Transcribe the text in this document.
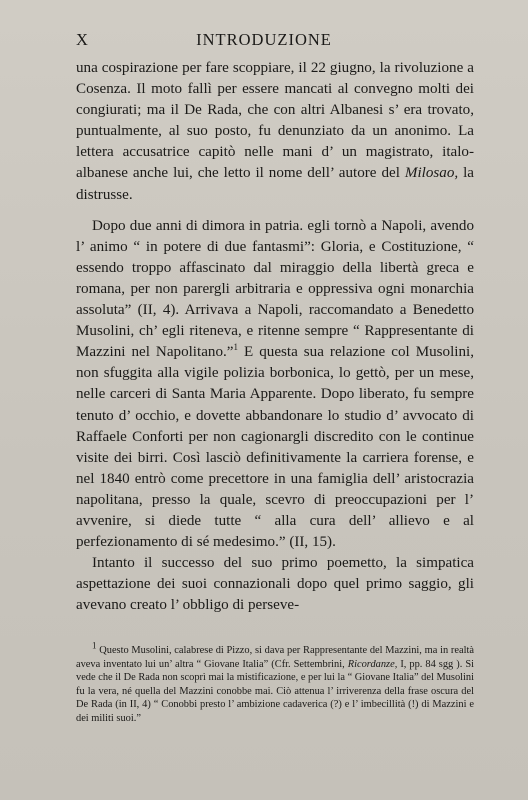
X	INTRODUZIONE

una cospirazione per fare scoppiare, il 22 giugno, la rivoluzione a Cosenza. Il moto fallì per essere mancati al convegno molti dei congiurati; ma il De Rada, che con altri Albanesi s’ era trovato, puntualmente, al suo posto, fu denunziato da un anonimo. La lettera accusatrice capitò nelle mani d’ un magistrato, italo-albanese anche lui, che letto il nome dell’ autore del Milosao, la distrusse.

Dopo due anni di dimora in patria. egli tornò a Napoli, avendo l’ animo “ in potere di due fantasmi”: Gloria, e Costituzione, “ essendo troppo affascinato dal miraggio della libertà greca e romana, per non parergli arbitraria e oppressiva ogni monarchia assoluta” (II, 4). Arrivava a Napoli, raccomandato a Benedetto Musolini, ch’ egli riteneva, e ritenne sempre “ Rappresentante di Mazzini nel Napolitano.”$^1$ E questa sua relazione col Musolini, non sfuggita alla vigile polizia borbonica, lo gettò, per un mese, nelle carceri di Santa Maria Apparente. Dopo liberato, fu sempre tenuto d’ occhio, e dovette abbandonare lo studio d’ avvocato di Raffaele Conforti per non cagionargli discredito con le continue visite dei birri. Così lasciò definitivamente la carriera forense, e nel 1840 entrò come precettore in una famiglia dell’ aristocrazia napolitana, presso la quale, scevro di preoccupazioni per l’ avvenire, si diede tutte “ alla cura dell’ allievo e al perfezionamento di sé medesimo.” (II, 15).

Intanto il successo del suo primo poemetto, la simpatica aspettazione dei suoi connazionali dopo quel primo saggio, gli avevano creato l’ obbligo di perseve-

$^1$ Questo Musolini, calabrese di Pizzo, si dava per Rappresentante del Mazzini, ma in realtà aveva inventato lui un’ altra “ Giovane Italia” (Cfr. Settembrini, Ricordanze, I, pp. 84 sgg ). Si vede che il De Rada non scoprì mai la mistificazione, e per lui la “ Giovane Italia” del Musolini fu la vera, né quella del Mazzini conobbe mai. Ciò attenua l’ irriverenza della frase oscura del De Rada (in II, 4) “ Conobbi presto l’ ambizione cadaverica (?) e l’ imbecillità (!) di Mazzini e dei militi suoi.”
